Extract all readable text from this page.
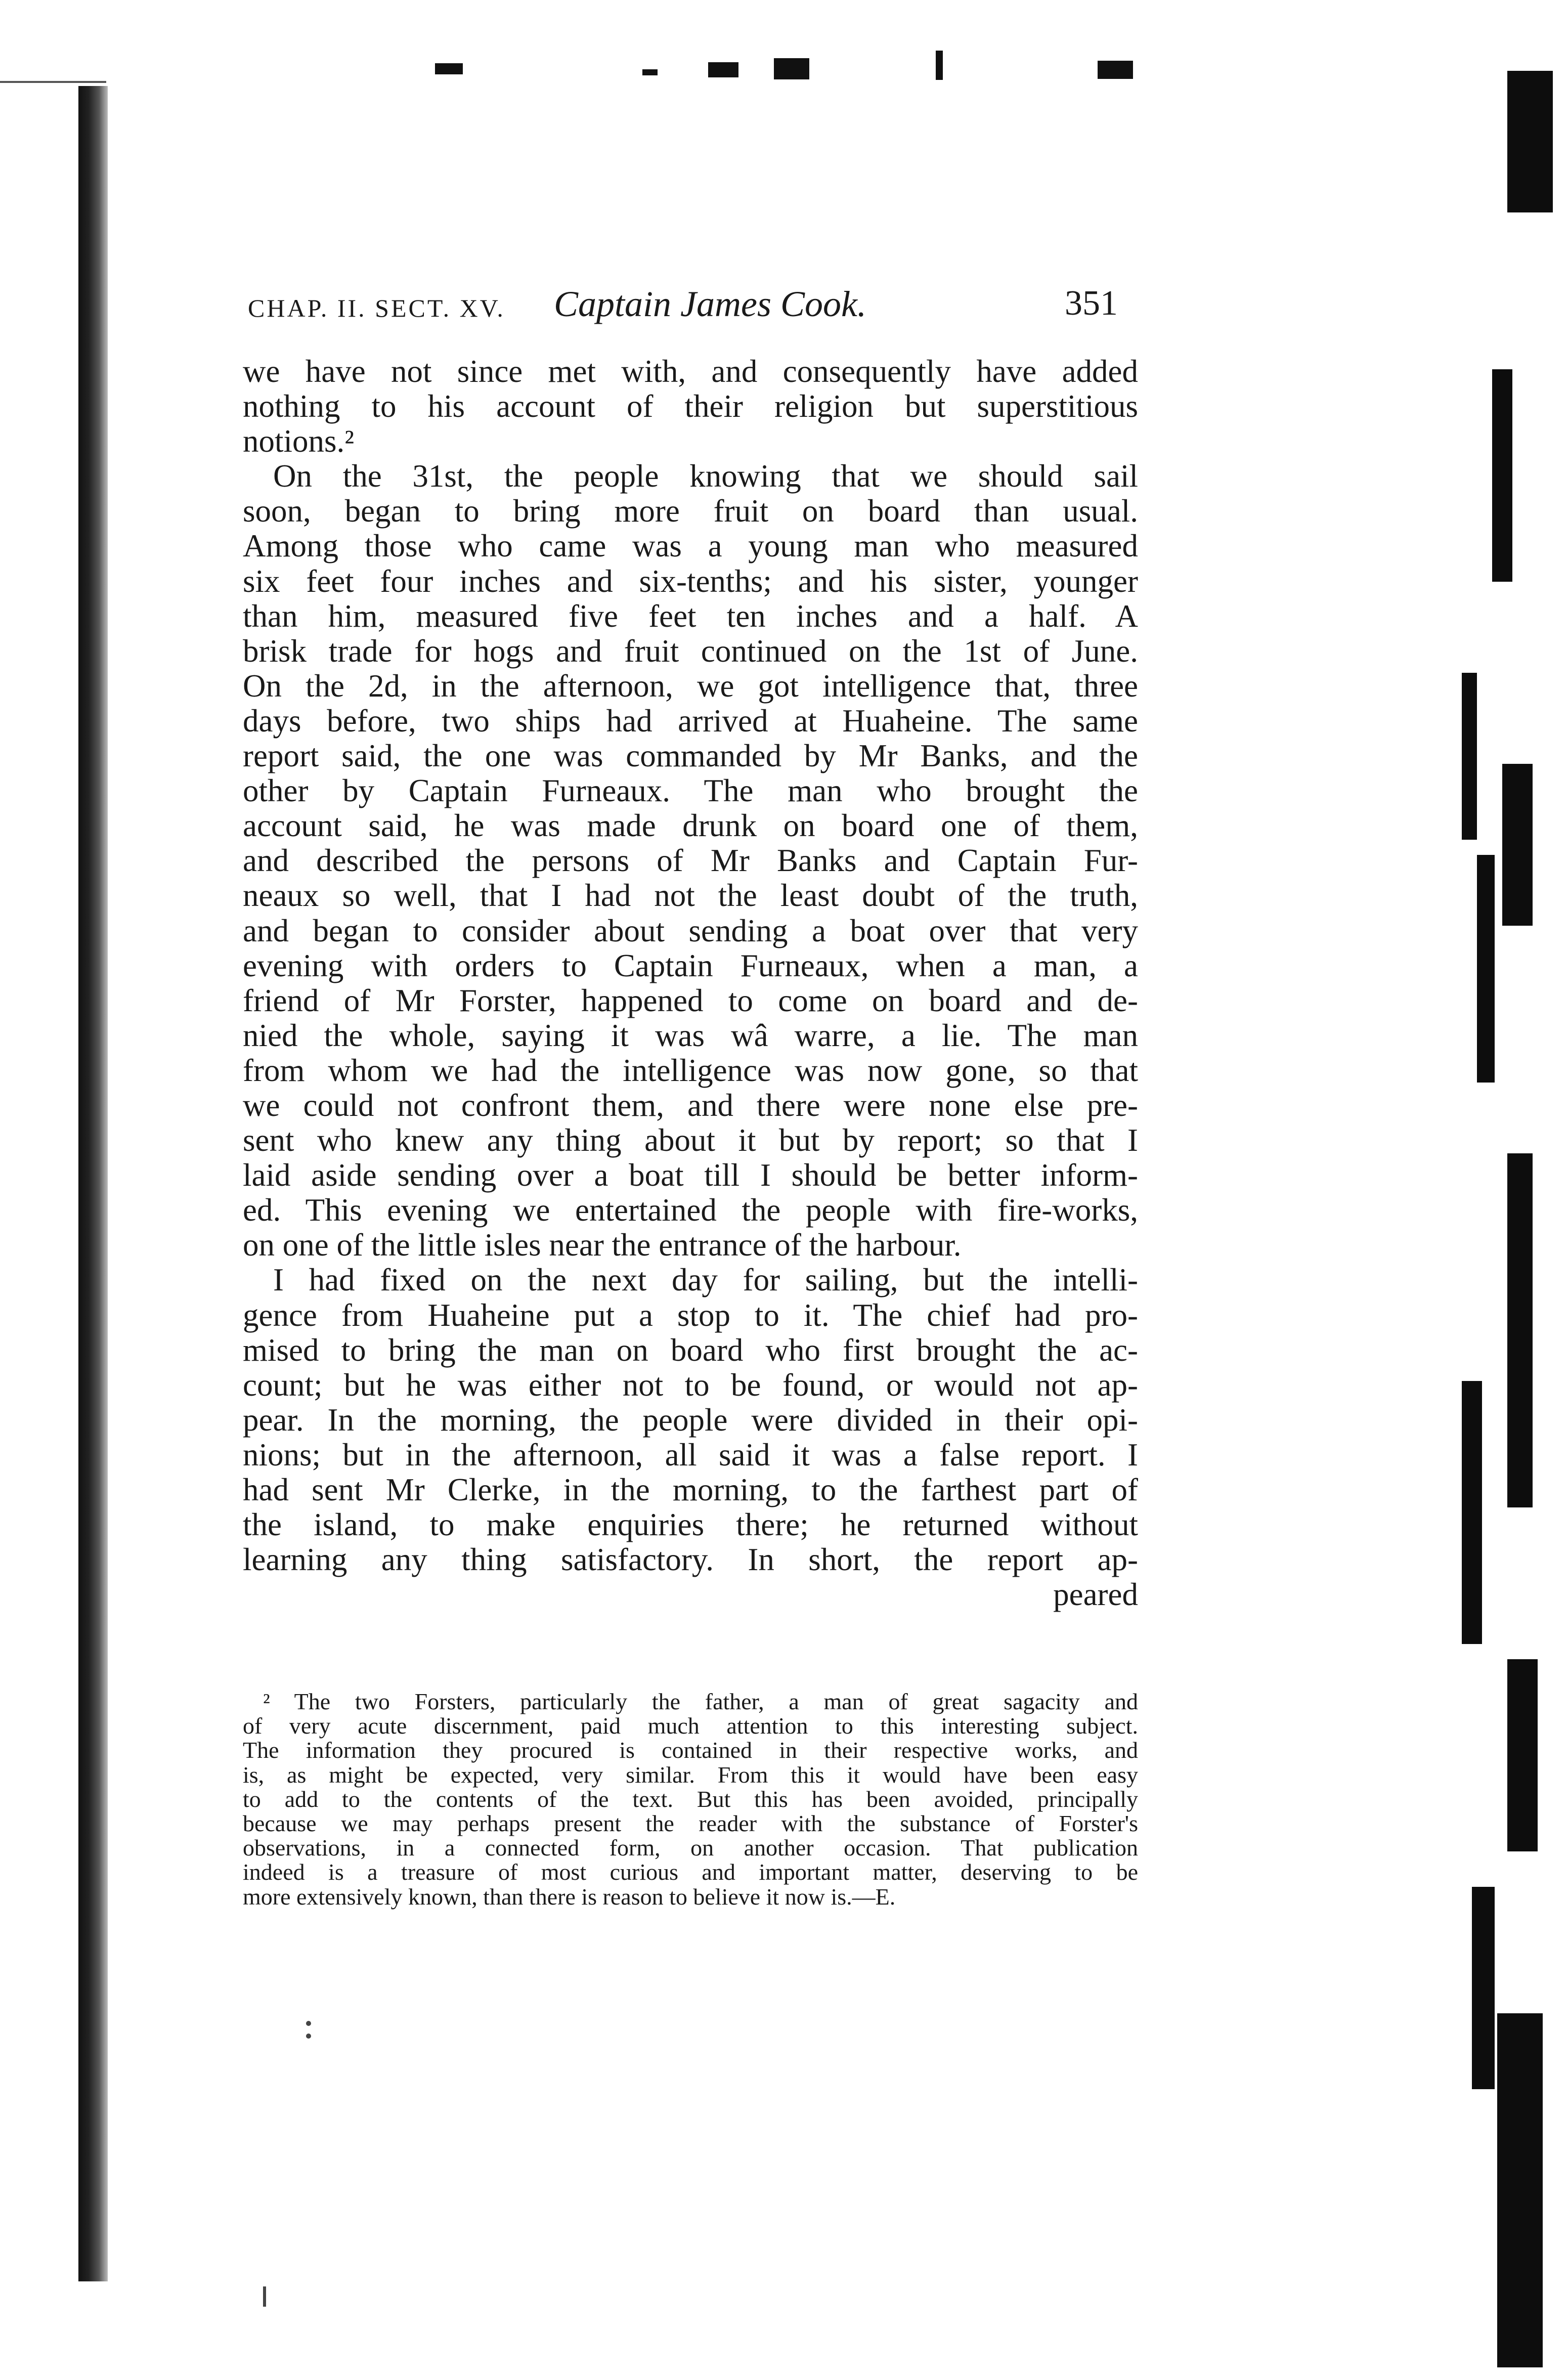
CHAP. II. SECT. XV. Captain James Cook.	351
we have not since met with, and consequently have added
nothing to his account of their religion but superstitious
notions.²
On the 31st, the people knowing that we should sail
soon, began to bring more fruit on board than usual.
Among those who came was a young man who measured
six feet four inches and six-tenths; and his sister, younger
than him, measured five feet ten inches and a half. A
brisk trade for hogs and fruit continued on the 1st of June.
On the 2d, in the afternoon, we got intelligence that, three
days before, two ships had arrived at Huaheine. The same
report said, the one was commanded by Mr Banks, and the
other by Captain Furneaux. The man who brought the
account said, he was made drunk on board one of them,
and described the persons of Mr Banks and Captain Fur-
neaux so well, that I had not the least doubt of the truth,
and began to consider about sending a boat over that very
evening with orders to Captain Furneaux, when a man, a
friend of Mr Forster, happened to come on board and de-
nied the whole, saying it was wâ warre, a lie. The man
from whom we had the intelligence was now gone, so that
we could not confront them, and there were none else pre-
sent who knew any thing about it but by report; so that I
laid aside sending over a boat till I should be better inform-
ed. This evening we entertained the people with fire-works,
on one of the little isles near the entrance of the harbour.
I had fixed on the next day for sailing, but the intelli-
gence from Huaheine put a stop to it. The chief had pro-
mised to bring the man on board who first brought the ac-
count; but he was either not to be found, or would not ap-
pear. In the morning, the people were divided in their opi-
nions; but in the afternoon, all said it was a false report. I
had sent Mr Clerke, in the morning, to the farthest part of
the island, to make enquiries there; he returned without
learning any thing satisfactory. In short, the report ap-
peared
² The two Forsters, particularly the father, a man of great sagacity and
of very acute discernment, paid much attention to this interesting subject.
The information they procured is contained in their respective works, and
is, as might be expected, very similar. From this it would have been easy
to add to the contents of the text. But this has been avoided, principally
because we may perhaps present the reader with the substance of Forster's
observations, in a connected form, on another occasion. That publication
indeed is a treasure of most curious and important matter, deserving to be
more extensively known, than there is reason to believe it now is.—E.
